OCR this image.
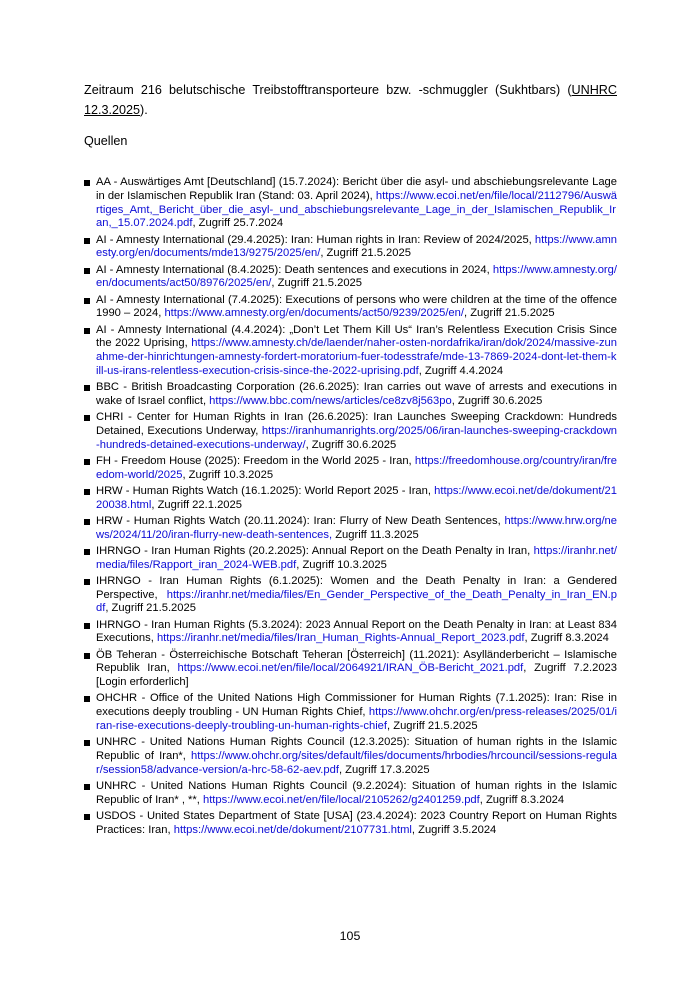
Zeitraum 216 belutschische Treibstofftransporteure bzw. -schmuggler (Sukhtbars) (UNHRC 12.3.2025).

Quellen

AA - Auswärtiges Amt [Deutschland] (15.7.2024): Bericht über die asyl- und abschiebungsrelevante Lage in der Islamischen Republik Iran (Stand: 03. April 2024), https://www.ecoi.net/en/file/local/2112796/Auswärtiges_Amt,_Bericht_über_die_asyl-_und_abschiebungsrelevante_Lage_in_der_Islamischen_Republik_Iran,_15.07.2024.pdf, Zugriff 25.7.2024
AI - Amnesty International (29.4.2025): Iran: Human rights in Iran: Review of 2024/2025, https://www.amnesty.org/en/documents/mde13/9275/2025/en/, Zugriff 21.5.2025
AI - Amnesty International (8.4.2025): Death sentences and executions in 2024, https://www.amnesty.org/en/documents/act50/8976/2025/en/, Zugriff 21.5.2025
AI - Amnesty International (7.4.2025): Executions of persons who were children at the time of the offence 1990 – 2024, https://www.amnesty.org/en/documents/act50/9239/2025/en/, Zugriff 21.5.2025
AI - Amnesty International (4.4.2024): „Don’t Let Them Kill Us“ Iran’s Relentless Execution Crisis Since the 2022 Uprising, https://www.amnesty.ch/de/laender/naher-osten-nordafrika/iran/dok/2024/massive-zunahme-der-hinrichtungen-amnesty-fordert-moratorium-fuer-todesstrafe/mde-13-7869-2024-dont-let-them-kill-us-irans-relentless-execution-crisis-since-the-2022-uprising.pdf, Zugriff 4.4.2024
BBC - British Broadcasting Corporation (26.6.2025): Iran carries out wave of arrests and executions in wake of Israel conflict, https://www.bbc.com/news/articles/ce8zv8j563po, Zugriff 30.6.2025
CHRI - Center for Human Rights in Iran (26.6.2025): Iran Launches Sweeping Crackdown: Hundreds Detained, Executions Underway, https://iranhumanrights.org/2025/06/iran-launches-sweeping-crackdown-hundreds-detained-executions-underway/, Zugriff 30.6.2025
FH - Freedom House (2025): Freedom in the World 2025 - Iran, https://freedomhouse.org/country/iran/freedom-world/2025, Zugriff 10.3.2025
HRW - Human Rights Watch (16.1.2025): World Report 2025 - Iran, https://www.ecoi.net/de/dokument/2120038.html, Zugriff 22.1.2025
HRW - Human Rights Watch (20.11.2024): Iran: Flurry of New Death Sentences, https://www.hrw.org/news/2024/11/20/iran-flurry-new-death-sentences, Zugriff 11.3.2025
IHRNGO - Iran Human Rights (20.2.2025): Annual Report on the Death Penalty in Iran, https://iranhr.net/media/files/Rapport_iran_2024-WEB.pdf, Zugriff 10.3.2025
IHRNGO - Iran Human Rights (6.1.2025): Women and the Death Penalty in Iran: a Gendered Perspective, https://iranhr.net/media/files/En_Gender_Perspective_of_the_Death_Penalty_in_Iran_EN.pdf, Zugriff 21.5.2025
IHRNGO - Iran Human Rights (5.3.2024): 2023 Annual Report on the Death Penalty in Iran: at Least 834 Executions, https://iranhr.net/media/files/Iran_Human_Rights-Annual_Report_2023.pdf, Zugriff 8.3.2024
ÖB Teheran - Österreichische Botschaft Teheran [Österreich] (11.2021): Asylländerbericht – Islamische Republik Iran, https://www.ecoi.net/en/file/local/2064921/IRAN_ÖB-Bericht_2021.pdf, Zugriff 7.2.2023 [Login erforderlich]
OHCHR - Office of the United Nations High Commissioner for Human Rights (7.1.2025): Iran: Rise in executions deeply troubling - UN Human Rights Chief, https://www.ohchr.org/en/press-releases/2025/01/iran-rise-executions-deeply-troubling-un-human-rights-chief, Zugriff 21.5.2025
UNHRC - United Nations Human Rights Council (12.3.2025): Situation of human rights in the Islamic Republic of Iran*, https://www.ohchr.org/sites/default/files/documents/hrbodies/hrcouncil/sessions-regular/session58/advance-version/a-hrc-58-62-aev.pdf, Zugriff 17.3.2025
UNHRC - United Nations Human Rights Council (9.2.2024): Situation of human rights in the Islamic Republic of Iran* , **, https://www.ecoi.net/en/file/local/2105262/g2401259.pdf, Zugriff 8.3.2024
USDOS - United States Department of State [USA] (23.4.2024): 2023 Country Report on Human Rights Practices: Iran, https://www.ecoi.net/de/dokument/2107731.html, Zugriff 3.5.2024
105
